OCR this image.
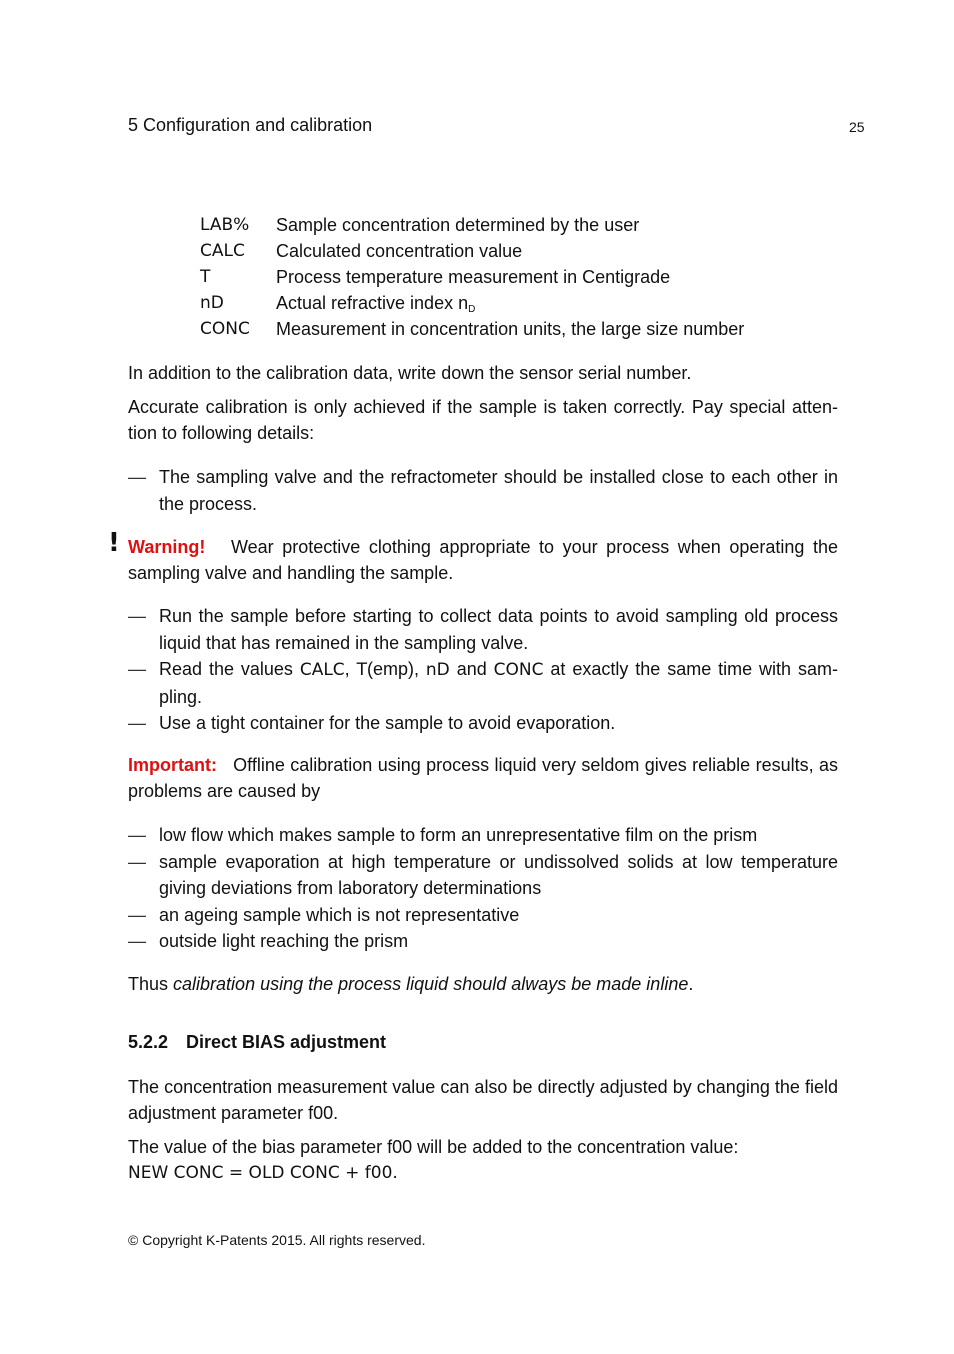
5 Configuration and calibration	25
LAB%	Sample concentration determined by the user
CALC	Calculated concentration value
T	Process temperature measurement in Centigrade
nD	Actual refractive index $n_D$
CONC	Measurement in concentration units, the large size number
In addition to the calibration data, write down the sensor serial number.
Accurate calibration is only achieved if the sample is taken correctly. Pay special atten-tion to following details:
— The sampling valve and the refractometer should be installed close to each other in the process.
! Warning! Wear protective clothing appropriate to your process when operating the sampling valve and handling the sample.
— Run the sample before starting to collect data points to avoid sampling old process liquid that has remained in the sampling valve.
— Read the values CALC, T(emp), nD and CONC at exactly the same time with sam-pling.
— Use a tight container for the sample to avoid evaporation.
Important: Offline calibration using process liquid very seldom gives reliable results, as problems are caused by
— low flow which makes sample to form an unrepresentative film on the prism
— sample evaporation at high temperature or undissolved solids at low temperature giving deviations from laboratory determinations
— an ageing sample which is not representative
— outside light reaching the prism
Thus calibration using the process liquid should always be made inline.
5.2.2 Direct BIAS adjustment
The concentration measurement value can also be directly adjusted by changing the field adjustment parameter f00.
The value of the bias parameter f00 will be added to the concentration value:
NEW CONC = OLD CONC + f00.
© Copyright K-Patents 2015. All rights reserved.
